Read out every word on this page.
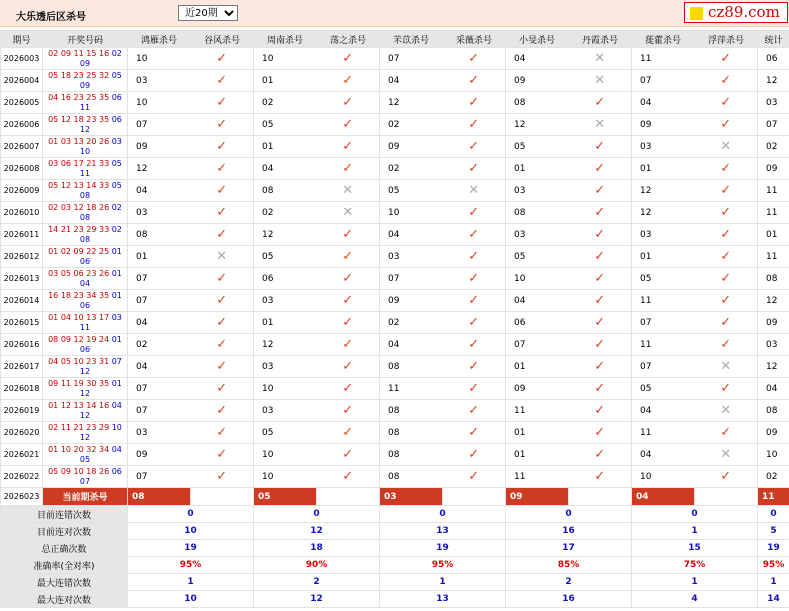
大乐透后区杀号
近20期	cz89.com
期号	开奖号码	鸿雁杀号	谷风杀号	周南杀号	荡之杀号	芣苡杀号	采薇杀号	小旻杀号	丹霞杀号	蓰藿杀号	浮萍杀号	统计	
2026003	02 09 11 15 16 02 09	10	✓	10	✓	07	✓	04	✕	11	✓	06										
2026004	05 18 23 25 32 05 09	03	✓	01	✓	04	✓	09	✕	07	✓	12										
2026005	04 16 23 25 35 06 11	10	✓	02	✓	12	✓	08	✓	04	✓	03										
2026006	05 12 18 23 35 06 12	07	✓	05	✓	02	✓	12	✕	09	✓	07										
2026007	01 03 13 20 26 03 10	09	✓	01	✓	09	✓	05	✓	03	✕	02										
2026008	03 06 17 21 33 05 11	12	✓	04	✓	02	✓	01	✓	01	✓	09										
2026009	05 12 13 14 33 05 08	04	✓	08	✕	05	✕	03	✓	12	✓	11										
2026010	02 03 12 18 26 02 08	03	✓	02	✕	10	✓	08	✓	12	✓	11										
2026011	14 21 23 29 33 02 08	08	✓	12	✓	04	✓	03	✓	03	✓	01										
2026012	01 02 09 22 25 01 06	01	✕	05	✓	03	✓	05	✓	01	✓	11										
2026013	03 05 06 23 26 01 04	07	✓	06	✓	07	✓	10	✓	05	✓	08										
2026014	16 18 23 34 35 01 06	07	✓	03	✓	09	✓	04	✓	11	✓	12										
2026015	01 04 10 13 17 03 11	04	✓	01	✓	02	✓	06	✓	07	✓	09										
2026016	08 09 12 19 24 01 06	02	✓	12	✓	04	✓	07	✓	11	✓	03										
2026017	04 05 10 23 31 07 12	04	✓	03	✓	08	✓	01	✓	07	✕	12										
2026018	09 11 19 30 35 01 12	07	✓	10	✓	11	✓	09	✓	05	✓	04										
2026019	01 12 13 14 16 04 12	07	✓	03	✓	08	✓	11	✓	04	✕	08										
2026020	02 11 21 23 29 10 12	03	✓	05	✓	08	✓	01	✓	11	✓	09										
2026021	01 10 20 32 34 04 05	09	✓	10	✓	08	✓	01	✓	04	✕	10										
2026022	05 09 10 18 26 06 07	07	✓	10	✓	08	✓	11	✓	10	✓	02										
2026023	当前期杀号	08		05		03		09		04		11										
目前连错次数		0		0		0		0		0		0					
目前连对次数		10		12		13		16		1		5					
总正确次数		19		18		19		17		15		19					
准确率(全对率)		95%		90%		95%		85%		75%		95%					
最大连错次数		1		2		1		2		1		1					
最大连对次数		10		12		13		16		4		14					
